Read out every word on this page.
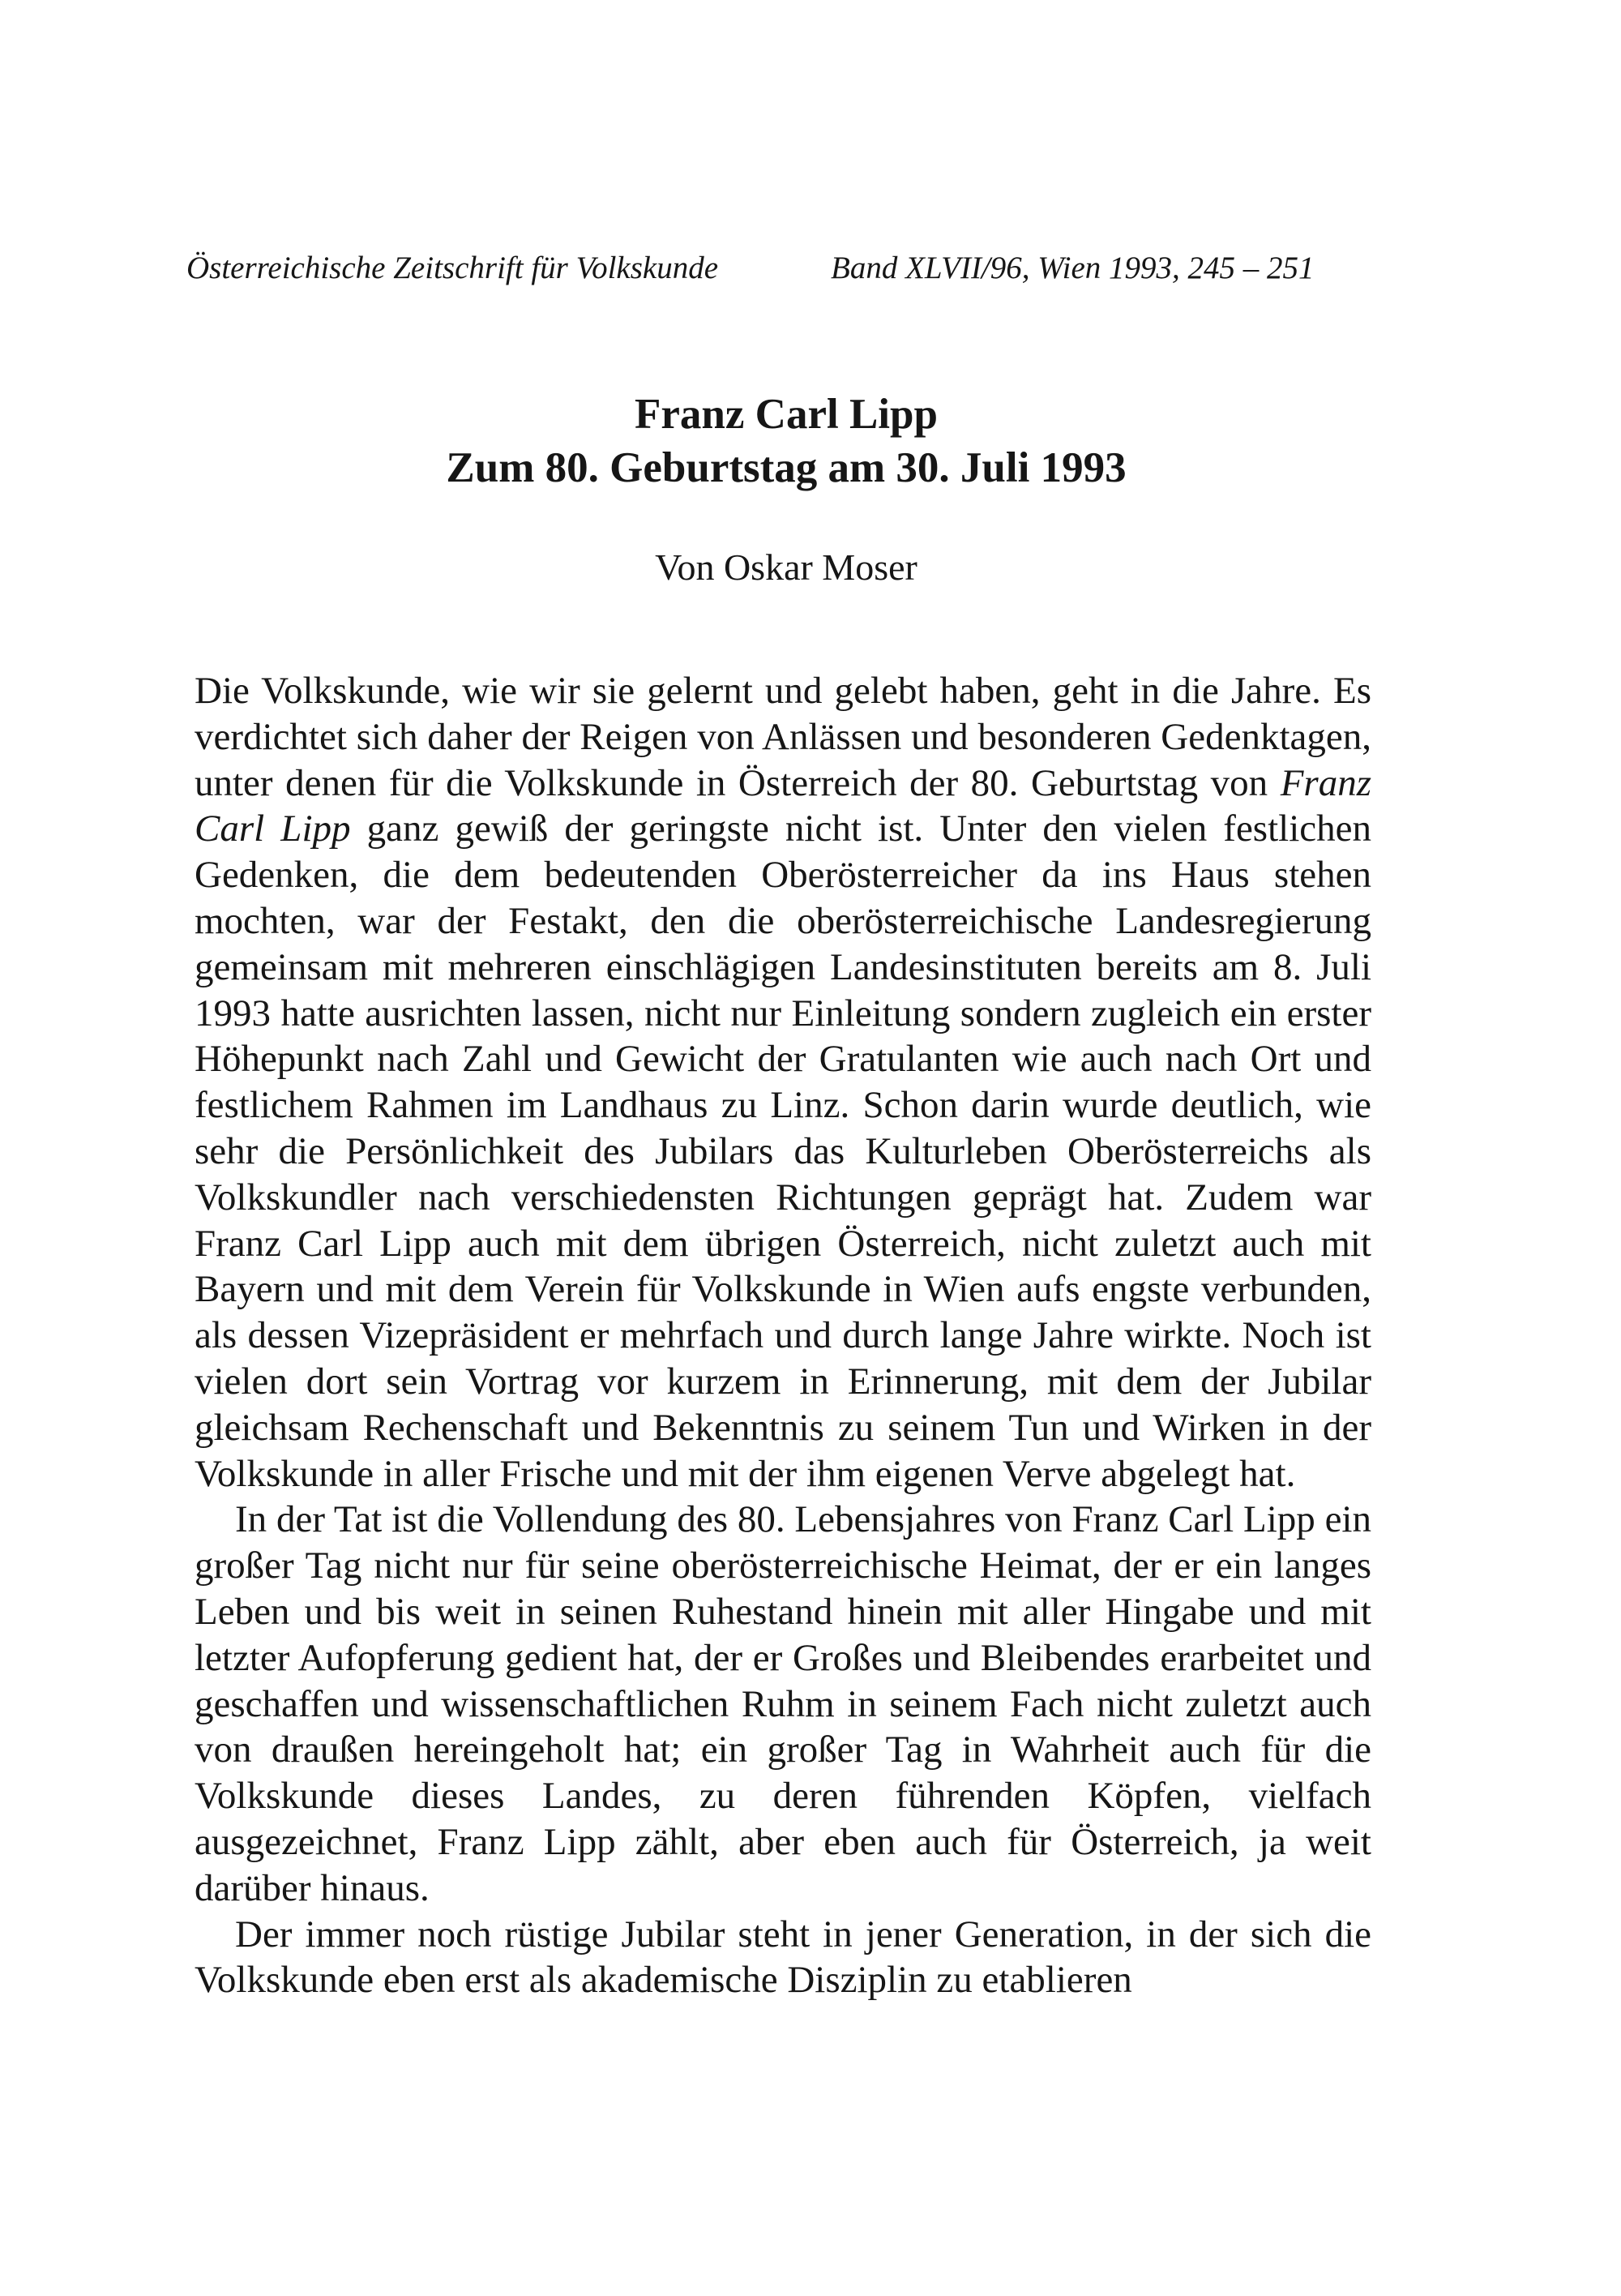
Österreichische Zeitschrift für Volkskunde	Band XLVII/96, Wien 1993, 245 – 251

Franz Carl Lipp

Zum 80. Geburtstag am 30. Juli 1993

Von Oskar Moser

Die Volkskunde, wie wir sie gelernt und gelebt haben, geht in die Jahre. Es verdichtet sich daher der Reigen von Anlässen und besonderen Gedenktagen, unter denen für die Volkskunde in Österreich der 80. Geburtstag von Franz Carl Lipp ganz gewiß der geringste nicht ist. Unter den vielen festlichen Gedenken, die dem bedeutenden Oberösterreicher da ins Haus stehen mochten, war der Festakt, den die oberösterreichische Landesregierung gemeinsam mit mehreren einschlägigen Landesinstituten bereits am 8. Juli 1993 hatte ausrichten lassen, nicht nur Einleitung sondern zugleich ein erster Höhepunkt nach Zahl und Gewicht der Gratulanten wie auch nach Ort und festlichem Rahmen im Landhaus zu Linz. Schon darin wurde deutlich, wie sehr die Persönlichkeit des Jubilars das Kulturleben Oberösterreichs als Volkskundler nach verschiedensten Richtungen geprägt hat. Zudem war Franz Carl Lipp auch mit dem übrigen Österreich, nicht zuletzt auch mit Bayern und mit dem Verein für Volkskunde in Wien aufs engste verbunden, als dessen Vizepräsident er mehrfach und durch lange Jahre wirkte. Noch ist vielen dort sein Vortrag vor kurzem in Erinnerung, mit dem der Jubilar gleichsam Rechenschaft und Bekenntnis zu seinem Tun und Wirken in der Volkskunde in aller Frische und mit der ihm eigenen Verve abgelegt hat.

In der Tat ist die Vollendung des 80. Lebensjahres von Franz Carl Lipp ein großer Tag nicht nur für seine oberösterreichische Heimat, der er ein langes Leben und bis weit in seinen Ruhestand hinein mit aller Hingabe und mit letzter Aufopferung gedient hat, der er Großes und Bleibendes erarbeitet und geschaffen und wissenschaftlichen Ruhm in seinem Fach nicht zuletzt auch von draußen hereingeholt hat; ein großer Tag in Wahrheit auch für die Volkskunde dieses Landes, zu deren führenden Köpfen, vielfach ausgezeichnet, Franz Lipp zählt, aber eben auch für Österreich, ja weit darüber hinaus.

Der immer noch rüstige Jubilar steht in jener Generation, in der sich die Volkskunde eben erst als akademische Disziplin zu etablieren
